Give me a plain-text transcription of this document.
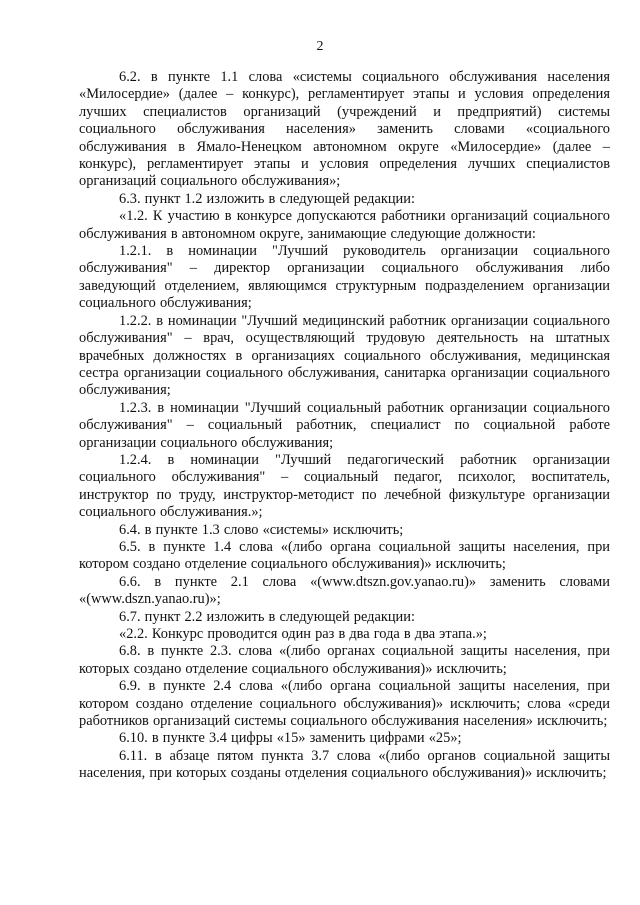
2

6.2. в пункте 1.1 слова «системы социального обслуживания населения «Милосердие» (далее – конкурс), регламентирует этапы и условия определения лучших специалистов организаций (учреждений и предприятий) системы социального обслуживания населения» заменить словами «социального обслуживания в Ямало-Ненецком автономном округе «Милосердие» (далее – конкурс), регламентирует этапы и условия определения лучших специалистов организаций социального обслуживания»;

6.3. пункт 1.2 изложить в следующей редакции:

«1.2. К участию в конкурсе допускаются работники организаций социального обслуживания в автономном округе, занимающие следующие должности:

1.2.1. в номинации "Лучший руководитель организации социального обслуживания" – директор организации социального обслуживания либо заведующий отделением, являющимся структурным подразделением организации социального обслуживания;

1.2.2. в номинации "Лучший медицинский работник организации социального обслуживания" – врач, осуществляющий трудовую деятельность на штатных врачебных должностях в организациях социального обслуживания, медицинская сестра организации социального обслуживания, санитарка организации социального обслуживания;

1.2.3. в номинации "Лучший социальный работник организации социального обслуживания" – социальный работник, специалист по социальной работе организации социального обслуживания;

1.2.4. в номинации "Лучший педагогический работник организации социального обслуживания" – социальный педагог, психолог, воспитатель, инструктор по труду, инструктор-методист по лечебной физкультуре организации социального обслуживания.»;

6.4. в пункте 1.3 слово «системы» исключить;

6.5. в пункте 1.4 слова «(либо органа социальной защиты населения, при котором создано отделение социального обслуживания)» исключить;

6.6. в пункте 2.1 слова «(www.dtszn.gov.yanao.ru)» заменить словами «(www.dszn.yanao.ru)»;

6.7. пункт 2.2 изложить в следующей редакции:

«2.2. Конкурс проводится один раз в два года в два этапа.»;

6.8. в пункте 2.3. слова «(либо органах социальной защиты населения, при которых создано отделение социального обслуживания)» исключить;

6.9. в пункте 2.4 слова «(либо органа социальной защиты населения, при котором создано отделение социального обслуживания)» исключить; слова «среди работников организаций системы социального обслуживания населения» исключить;

6.10. в пункте 3.4 цифры «15» заменить цифрами «25»;

6.11. в абзаце пятом пункта 3.7 слова «(либо органов социальной защиты населения, при которых созданы отделения социального обслуживания)» исключить;
